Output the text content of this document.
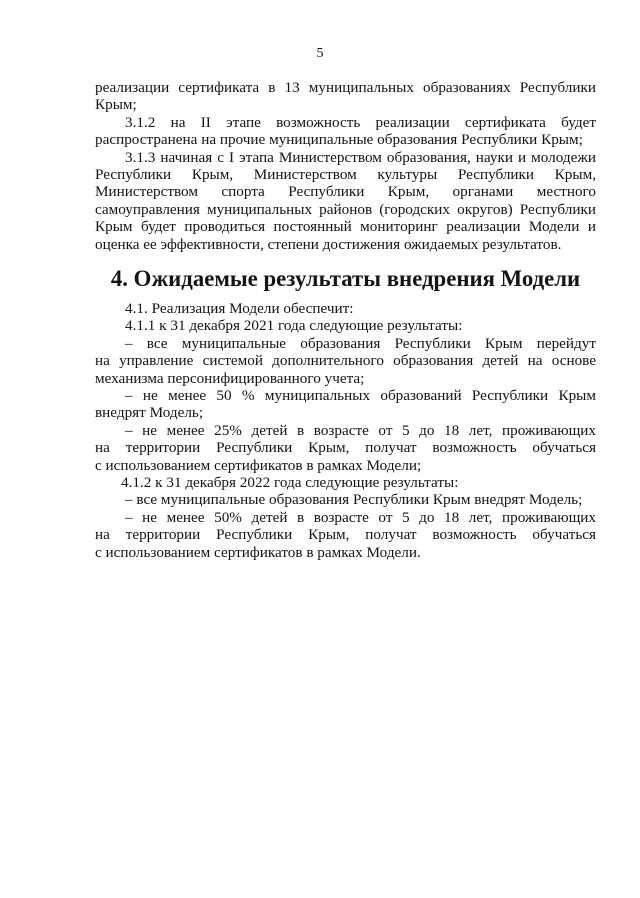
5

реализации сертификата в 13 муниципальных образованиях Республики

Крым;

3.1.2 на II этапе возможность реализации сертификата будет

распространена на прочие муниципальные образования Республики Крым;

3.1.3 начиная с I этапа Министерством образования, науки и молодежи

Республики Крым, Министерством культуры Республики Крым,

Министерством спорта Республики Крым, органами местного

самоуправления муниципальных районов (городских округов) Республики

Крым будет проводиться постоянный мониторинг реализации Модели и

оценка ее эффективности, степени достижения ожидаемых результатов.

4. Ожидаемые результаты внедрения Модели

4.1. Реализация Модели обеспечит:

4.1.1 к 31 декабря 2021 года следующие результаты:

– все муниципальные образования Республики Крым перейдут

на управление системой дополнительного образования детей на основе

механизма персонифицированного учета;

– не менее 50 % муниципальных образований Республики Крым

внедрят Модель;

– не менее 25% детей в возрасте от 5 до 18 лет, проживающих

на территории Республики Крым, получат возможность обучаться

с использованием сертификатов в рамках Модели;

4.1.2 к 31 декабря 2022 года следующие результаты:

– все муниципальные образования Республики Крым внедрят Модель;

– не менее 50% детей в возрасте от 5 до 18 лет, проживающих

на территории Республики Крым, получат возможность обучаться

с использованием сертификатов в рамках Модели.
